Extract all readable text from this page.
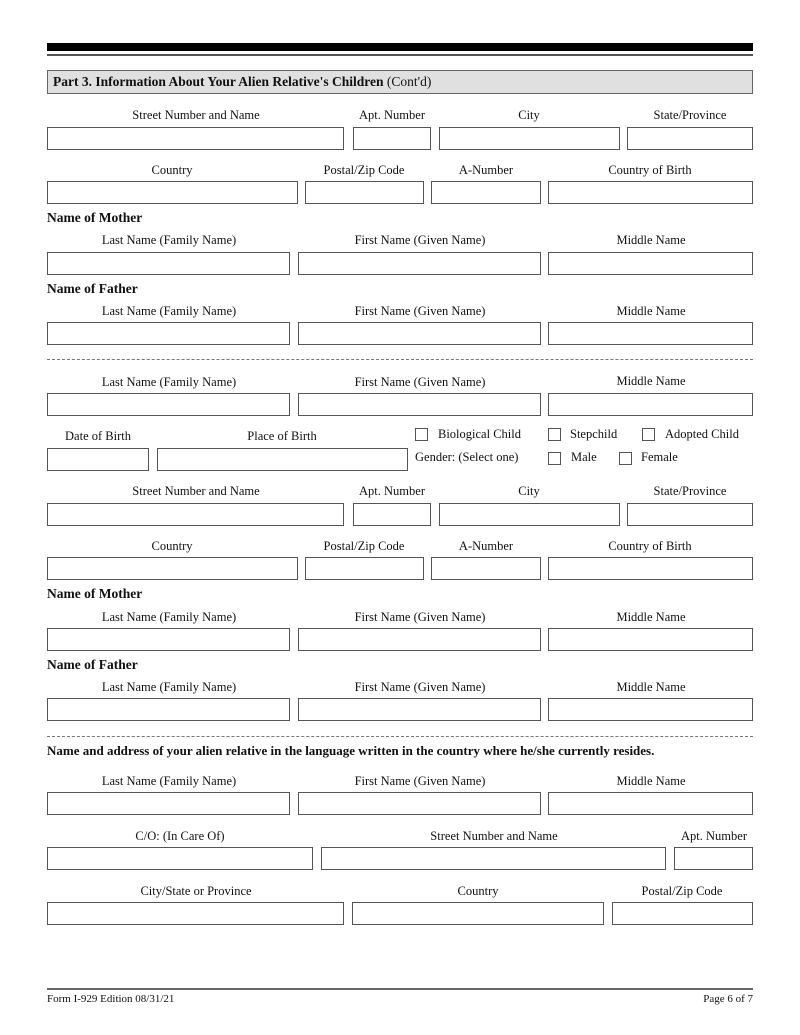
Part 3. Information About Your Alien Relative's Children (Cont'd)
Street Number and Name	Apt. Number	City	State/Province
Country	Postal/Zip Code	A-Number	Country of Birth
Name of Mother
Last Name (Family Name)	First Name (Given Name)	Middle Name
Name of Father
Last Name (Family Name)	First Name (Given Name)	Middle Name
Last Name (Family Name)	First Name (Given Name)	Middle Name
Date of Birth	Place of Birth	Biological Child	Stepchild	Adopted Child
Gender: (Select one)	Male	Female
Street Number and Name	Apt. Number	City	State/Province
Country	Postal/Zip Code	A-Number	Country of Birth
Name of Mother
Last Name (Family Name)	First Name (Given Name)	Middle Name
Name of Father
Last Name (Family Name)	First Name (Given Name)	Middle Name
Name and address of your alien relative in the language written in the country where he/she currently resides.
Last Name (Family Name)	First Name (Given Name)	Middle Name
C/O: (In Care Of)	Street Number and Name	Apt. Number
City/State or Province	Country	Postal/Zip Code
Form I-929 Edition 08/31/21	Page 6 of 7
